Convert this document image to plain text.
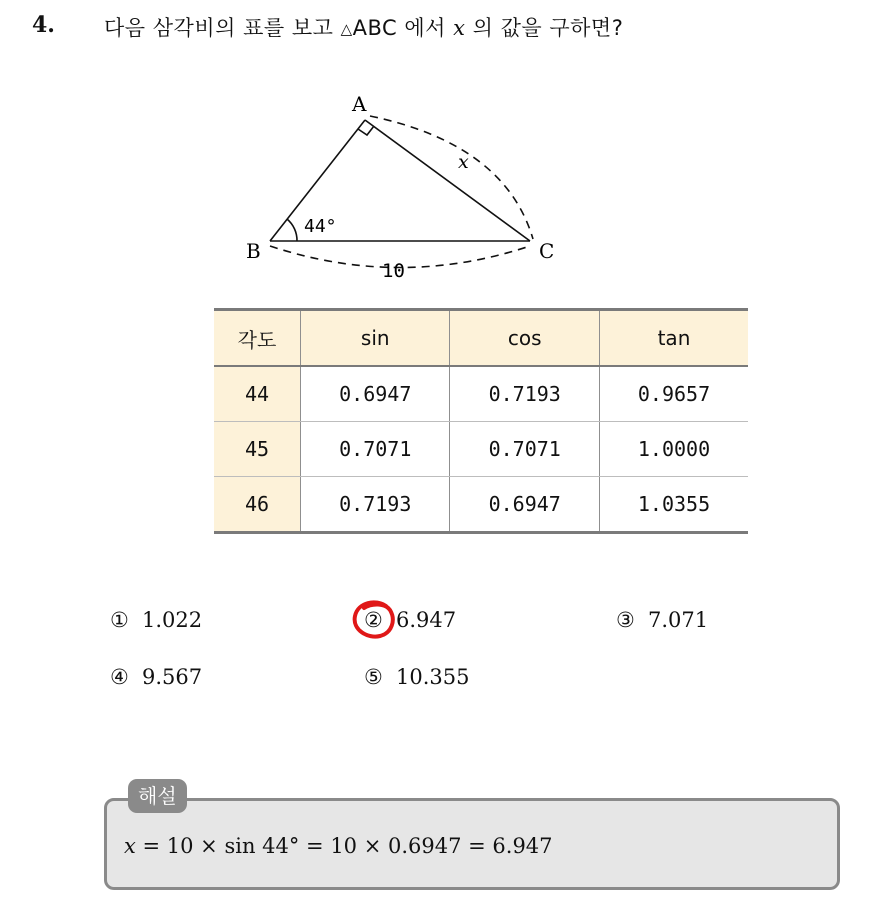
4. 다음 삼각비의 표를 보고 △ABC 에서 x 의 값을 구하면?
A
B	C
44°
10
x
각도	sin	cos	tan
44	0.6947	0.7193	0.9657
45	0.7071	0.7071	1.0000
46	0.7193	0.6947	1.0355
① 1.022	② 6.947	③ 7.071
④ 9.567	⑤ 10.355
해설
x = 10 × sin 44° = 10 × 0.6947 = 6.947
